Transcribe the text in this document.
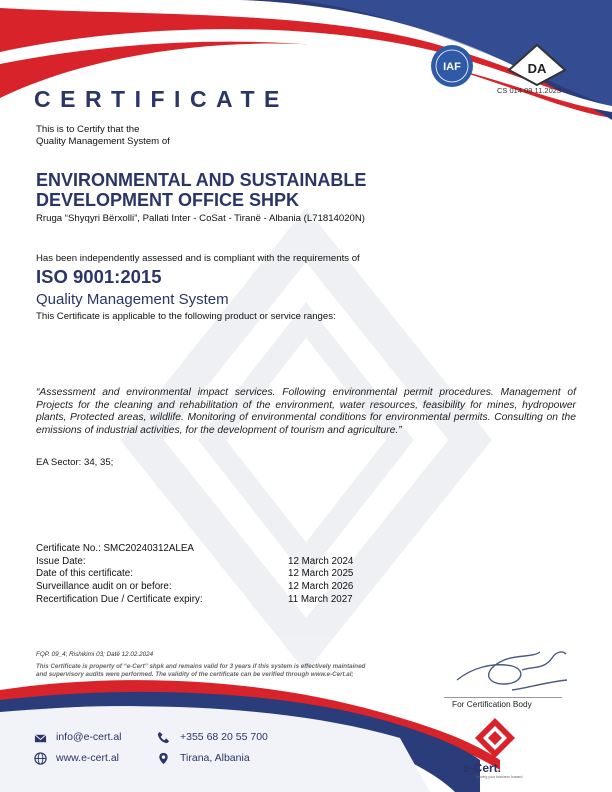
IAF	DA
CS 014 09.11.2023
CERTIFICATE
This is to Certify that the
Quality Management System of
ENVIRONMENTAL AND SUSTAINABLE
DEVELOPMENT OFFICE SHPK
Rruga “Shyqyri Bërxolli”, Pallati Inter - CoSat - Tiranë - Albania (L71814020N)
Has been independently assessed and is compliant with the requirements of
ISO 9001:2015
Quality Management System
This Certificate is applicable to the following product or service ranges:
“Assessment and environmental impact services. Following environmental permit procedures. Management of Projects for the cleaning and rehabilitation of the environment, water resources, feasibility for mines, hydropower plants, Protected areas, wildlife. Monitoring of environmental conditions for environmental permits. Consulting on the emissions of industrial activities, for the development of tourism and agriculture.”
EA Sector: 34, 35;
Certificate No.: SMC20240312ALEA
Issue Date:	12 March 2024
Date of this certificate:	12 March 2025
Surveillance audit on or before:	12 March 2026
Recertification Due / Certificate expiry:	11 March 2027
FQP. 09_4; Rishikimi 03; Datë 12.02.2024
This Certificate is property of “e-Cert” shpk and remains valid for 3 years if this system is effectively maintained
and supervisory audits were performed. The validity of the certificate can be verified through www.e-Cert.al;
For Certification Body
info@e-cert.al	+355 68 20 55 700
www.e-cert.al	Tirana, Albania
e-Cert.
Moving your business forward
